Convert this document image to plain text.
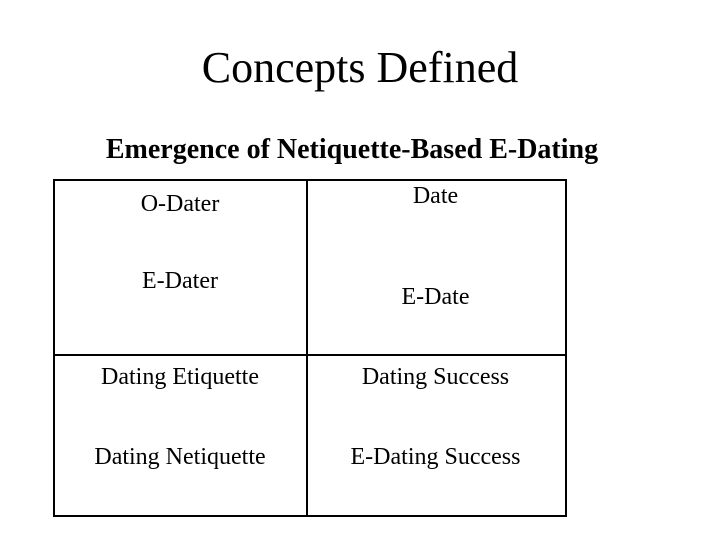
Concepts Defined
Emergence of Netiquette-Based E-Dating
O-Dater
E-Dater
Date
E-Date
Dating Etiquette
Dating Netiquette
Dating Success
E-Dating Success
